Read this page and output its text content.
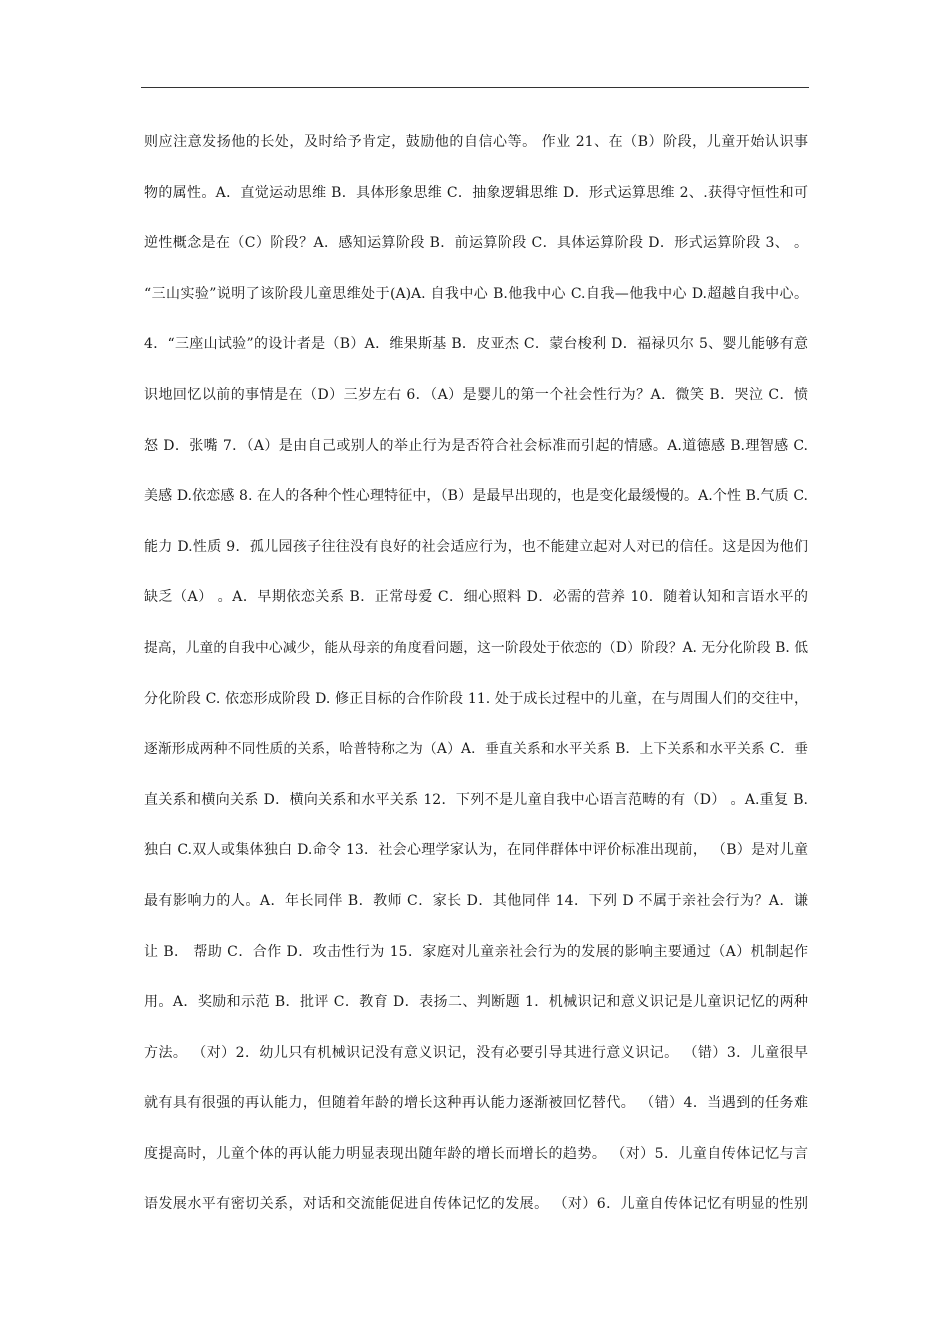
则应注意发扬他的长处，及时给予肯定，鼓励他的自信心等。 作业 21、在（B）阶段，儿童开始认识事
物的属性。A．直觉运动思维 B．具体形象思维 C．抽象逻辑思维 D．形式运算思维 2、.获得守恒性和可
逆性概念是在（C）阶段？A．感知运算阶段 B．前运算阶段 C．具体运算阶段 D．形式运算阶段 3、 。
“三山实验”说明了该阶段儿童思维处于(A)A. 自我中心 B.他我中心 C.自我—他我中心 D.超越自我中心。
4．“三座山试验”的设计者是（B）A．维果斯基 B．皮亚杰 C．蒙台梭利 D．福禄贝尔 5、婴儿能够有意
识地回忆以前的事情是在（D）三岁左右 6．（A）是婴儿的第一个社会性行为？A．微笑 B．哭泣 C．愤
怒 D．张嘴 7．（A）是由自己或别人的举止行为是否符合社会标准而引起的情感。A.道德感 B.理智感 C.
美感 D.依恋感 8. 在人的各种个性心理特征中，（B）是最早出现的，也是变化最缓慢的。A.个性 B.气质 C.
能力 D.性质 9．孤儿园孩子往往没有良好的社会适应行为，也不能建立起对人对已的信任。这是因为他们
缺乏（A） 。A．早期依恋关系 B．正常母爱 C．细心照料 D．必需的营养 10．随着认知和言语水平的
提高，儿童的自我中心减少，能从母亲的角度看问题，这一阶段处于依恋的（D）阶段？A. 无分化阶段 B. 低
分化阶段 C. 依恋形成阶段 D. 修正目标的合作阶段 11. 处于成长过程中的儿童，在与周围人们的交往中，
逐渐形成两种不同性质的关系，哈普特称之为（A）A．垂直关系和水平关系 B．上下关系和水平关系 C．垂
直关系和横向关系 D．横向关系和水平关系 12．下列不是儿童自我中心语言范畴的有（D） 。A.重复 B.
独白 C.双人或集体独白 D.命令 13．社会心理学家认为，在同伴群体中评价标准出现前， （B）是对儿童
最有影响力的人。A．年长同伴 B．教师 C．家长 D．其他同伴 14．下列 D 不属于亲社会行为？A．谦
让 B． 帮助 C．合作 D．攻击性行为 15．家庭对儿童亲社会行为的发展的影响主要通过（A）机制起作
用。A．奖励和示范 B．批评 C．教育 D．表扬二、判断题 1．机械识记和意义识记是儿童识记忆的两种
方法。 （对）2．幼儿只有机械识记没有意义识记，没有必要引导其进行意义识记。 （错）3．儿童很早
就有具有很强的再认能力，但随着年龄的增长这种再认能力逐渐被回忆替代。 （错）4．当遇到的任务难
度提高时，儿童个体的再认能力明显表现出随年龄的增长而增长的趋势。 （对）5．儿童自传体记忆与言
语发展水平有密切关系，对话和交流能促进自传体记忆的发展。 （对）6．儿童自传体记忆有明显的性别
